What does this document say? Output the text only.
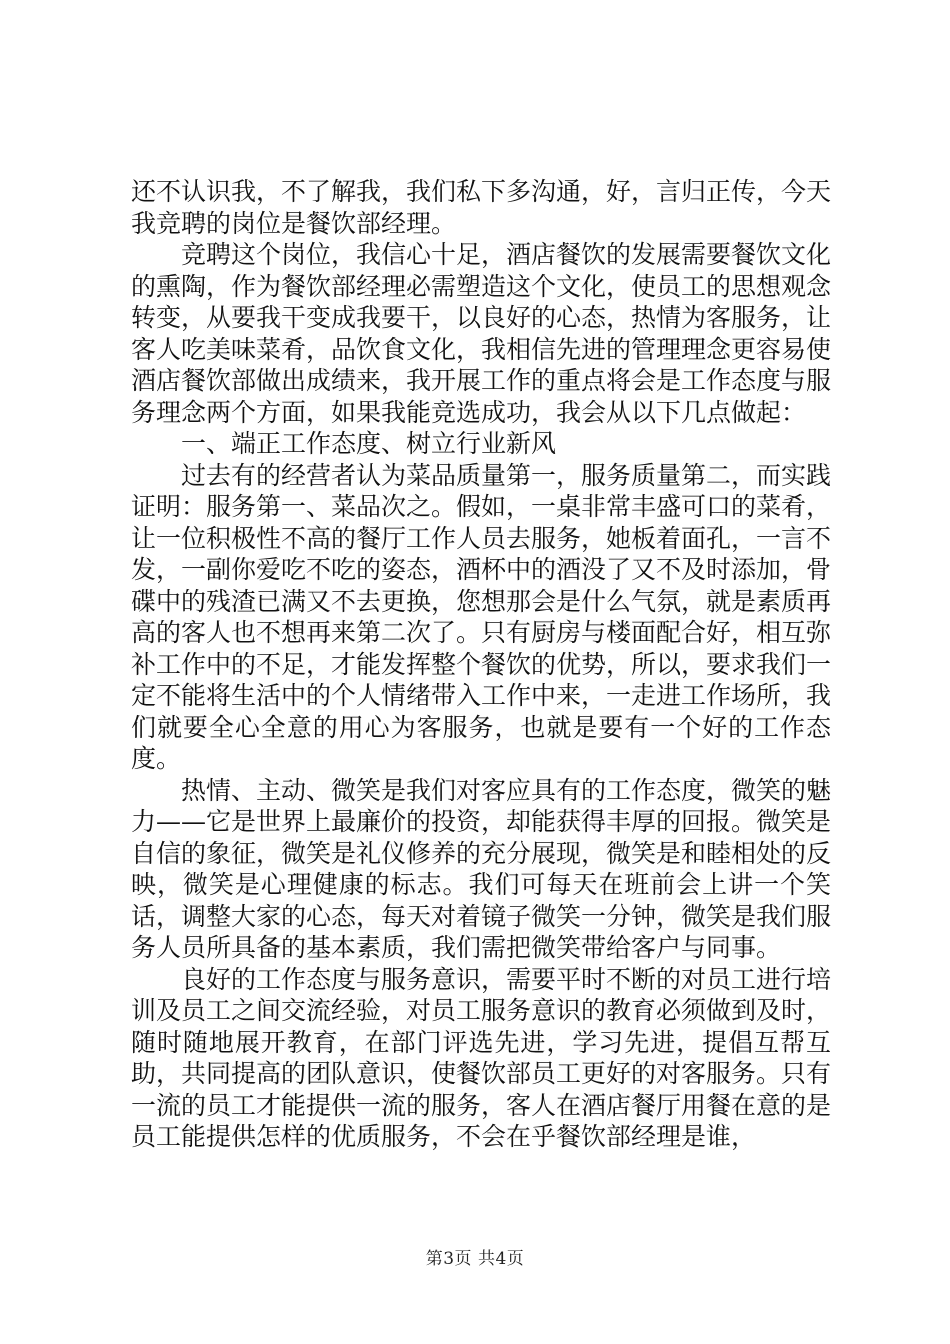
还不认识我，不了解我，我们私下多沟通，好，言归正传，今天我竞聘的岗位是餐饮部经理。

竞聘这个岗位，我信心十足，酒店餐饮的发展需要餐饮文化的熏陶，作为餐饮部经理必需塑造这个文化，使员工的思想观念转变，从要我干变成我要干，以良好的心态，热情为客服务，让客人吃美味菜肴，品饮食文化，我相信先进的管理理念更容易使酒店餐饮部做出成绩来，我开展工作的重点将会是工作态度与服务理念两个方面，如果我能竞选成功，我会从以下几点做起：

一、端正工作态度、树立行业新风

过去有的经营者认为菜品质量第一，服务质量第二，而实践证明：服务第一、菜品次之。假如，一桌非常丰盛可口的菜肴，让一位积极性不高的餐厅工作人员去服务，她板着面孔，一言不发，一副你爱吃不吃的姿态，酒杯中的酒没了又不及时添加，骨碟中的残渣已满又不去更换，您想那会是什么气氛，就是素质再高的客人也不想再来第二次了。只有厨房与楼面配合好，相互弥补工作中的不足，才能发挥整个餐饮的优势，所以，要求我们一定不能将生活中的个人情绪带入工作中来，一走进工作场所，我们就要全心全意的用心为客服务，也就是要有一个好的工作态度。

热情、主动、微笑是我们对客应具有的工作态度，微笑的魅力——它是世界上最廉价的投资，却能获得丰厚的回报。微笑是自信的象征，微笑是礼仪修养的充分展现，微笑是和睦相处的反映，微笑是心理健康的标志。我们可每天在班前会上讲一个笑话，调整大家的心态，每天对着镜子微笑一分钟，微笑是我们服务人员所具备的基本素质，我们需把微笑带给客户与同事。

良好的工作态度与服务意识，需要平时不断的对员工进行培训及员工之间交流经验，对员工服务意识的教育必须做到及时，随时随地展开教育，在部门评选先进，学习先进，提倡互帮互助，共同提高的团队意识，使餐饮部员工更好的对客服务。只有一流的员工才能提供一流的服务，客人在酒店餐厅用餐在意的是员工能提供怎样的优质服务，不会在乎餐饮部经理是谁，

第3页 共4页
